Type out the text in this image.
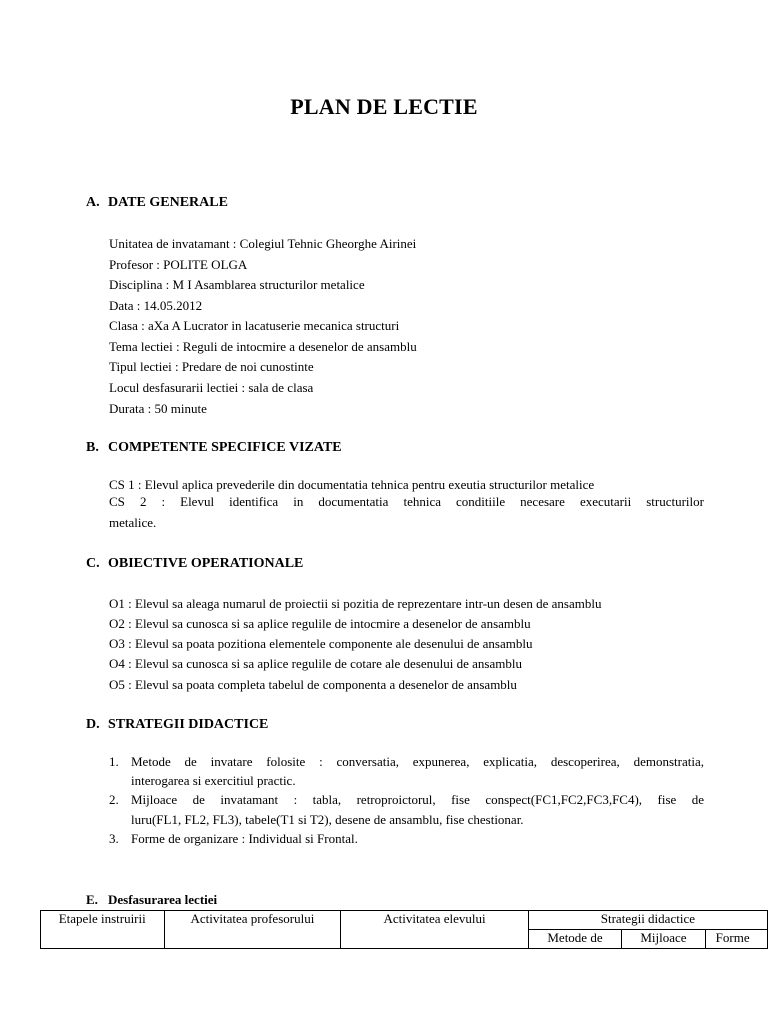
PLAN DE LECTIE
A. DATE GENERALE
Unitatea de invatamant : Colegiul Tehnic Gheorghe Airinei
Profesor : POLITE OLGA
Disciplina : M I Asamblarea structurilor metalice
Data : 14.05.2012
Clasa : aXa A Lucrator in lacatuserie mecanica structuri
Tema lectiei : Reguli de intocmire a desenelor de ansamblu
Tipul lectiei : Predare de noi cunostinte
Locul desfasurarii lectiei : sala de clasa
Durata : 50 minute
B. COMPETENTE SPECIFICE VIZATE
CS 1 : Elevul aplica prevederile din documentatia tehnica pentru exeutia structurilor metalice
CS 2 : Elevul identifica in documentatia tehnica conditiile necesare executarii structurilor
metalice.
C. OBIECTIVE OPERATIONALE
O1 : Elevul sa aleaga numarul de proiectii si pozitia de reprezentare intr-un desen de ansamblu
O2 : Elevul sa cunosca si sa aplice regulile de intocmire a desenelor de ansamblu
O3 : Elevul sa poata pozitiona elementele componente ale desenului de ansamblu
O4 : Elevul sa cunosca si sa aplice regulile de cotare ale desenului de ansamblu
O5 : Elevul sa poata completa tabelul de componenta a desenelor de ansamblu
D. STRATEGII DIDACTICE
1. Metode de invatare folosite : conversatia, expunerea, explicatia, descoperirea, demonstratia,
interogarea si exercitiul practic.
2. Mijloace de invatamant : tabla, retroproictorul, fise conspect(FC1,FC2,FC3,FC4), fise de
luru(FL1, FL2, FL3), tabele(T1 si T2), desene de ansamblu, fise chestionar.
3. Forme de organizare : Individual si Frontal.
E. Desfasurarea lectiei
Etapele instruirii	Activitatea profesorului	Activitatea elevului	Strategii didactice		
			Metode de	Mijloace	Forme
